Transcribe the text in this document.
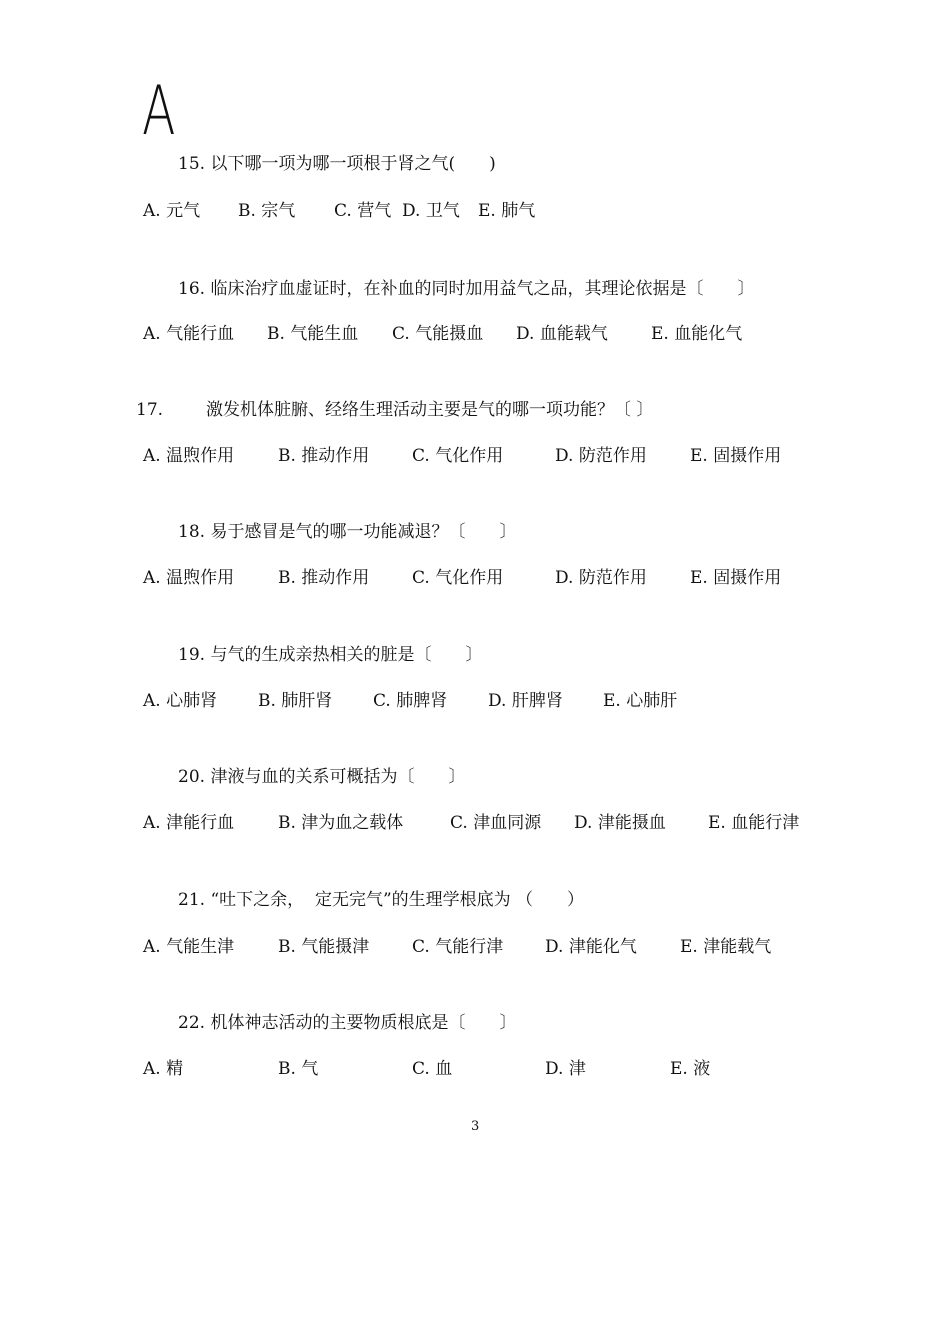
A
15. 以下哪一项为哪一项根于肾之气(　　)
A. 元气 B. 宗气 C. 营气 D. 卫气 E. 肺气
16. 临床治疗血虚证时，在补血的同时加用益气之品，其理论依据是〔　　〕
A. 气能行血 B. 气能生血 C. 气能摄血 D. 血能载气	E. 血能化气
17.	激发机体脏腑、经络生理活动主要是气的哪一项功能？〔 〕
A. 温煦作用	B. 推动作用	C. 气化作用	D. 防范作用	E. 固摄作用
18. 易于感冒是气的哪一功能减退？〔　　〕
A. 温煦作用	B. 推动作用	C. 气化作用	D. 防范作用	E. 固摄作用
19. 与气的生成亲热相关的脏是〔　　〕
A. 心肺肾 B. 肺肝肾 C. 肺脾肾 D. 肝脾肾 E. 心肺肝
20. 津液与血的关系可概括为〔　　〕
A. 津能行血	B. 津为血之载体	C. 津血同源 D. 津能摄血 E. 血能行津
21. “吐下之余，  定无完气”的生理学根底为 （　　）
A. 气能生津	B. 气能摄津	C. 气能行津 D. 津能化气	E. 津能载气
22. 机体神志活动的主要物质根底是〔　　〕
A. 精	B. 气	C. 血	D. 津	E. 液
3
